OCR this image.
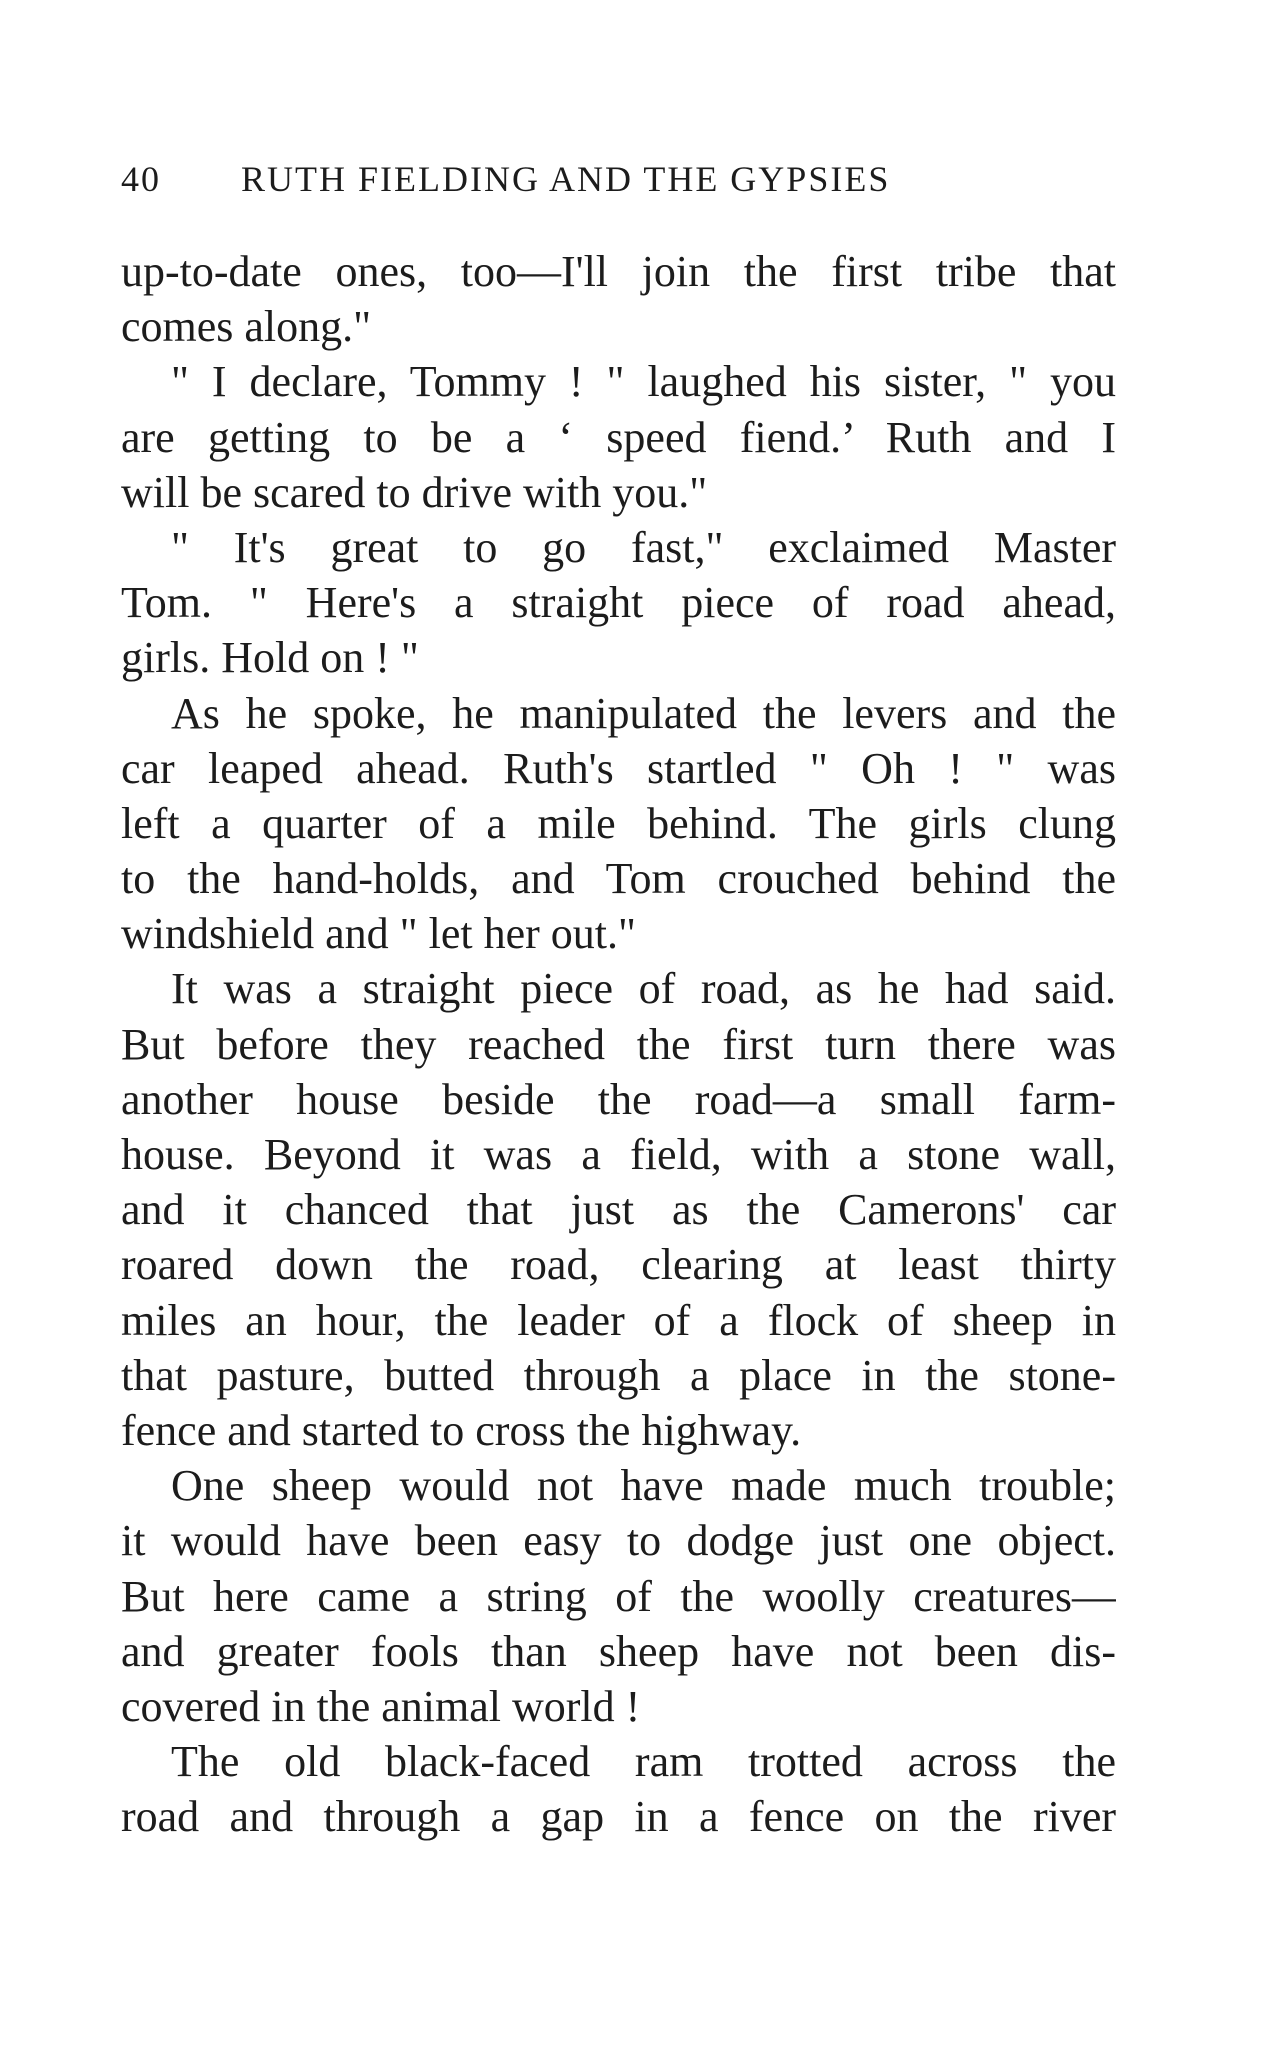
40 RUTH FIELDING AND THE GYPSIES
up-to-date ones, too—I'll join the first tribe that
comes along."
" I declare, Tommy ! " laughed his sister, " you
are getting to be a ‘ speed fiend.’ Ruth and I
will be scared to drive with you."
" It's great to go fast," exclaimed Master
Tom. " Here's a straight piece of road ahead,
girls. Hold on ! "
As he spoke, he manipulated the levers and the
car leaped ahead. Ruth's startled " Oh ! " was
left a quarter of a mile behind. The girls clung
to the hand-holds, and Tom crouched behind the
windshield and " let her out."
It was a straight piece of road, as he had said.
But before they reached the first turn there was
another house beside the road—a small farm-
house. Beyond it was a field, with a stone wall,
and it chanced that just as the Camerons' car
roared down the road, clearing at least thirty
miles an hour, the leader of a flock of sheep in
that pasture, butted through a place in the stone-
fence and started to cross the highway.
One sheep would not have made much trouble;
it would have been easy to dodge just one object.
But here came a string of the woolly creatures—
and greater fools than sheep have not been dis-
covered in the animal world !
The old black-faced ram trotted across the
road and through a gap in a fence on the river
